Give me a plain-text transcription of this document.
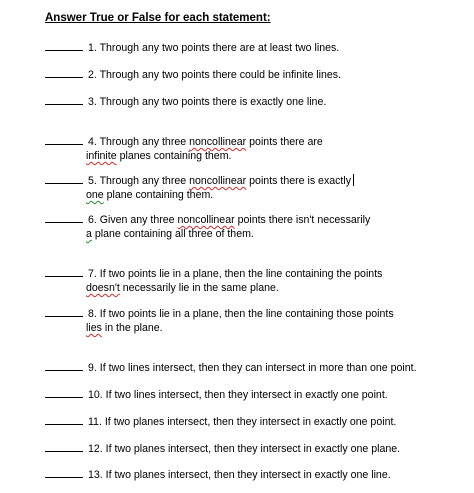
Answer True or False for each statement:
1. Through any two points there are at least two lines.
2. Through any two points there could be infinite lines.
3. Through any two points there is exactly one line.
4. Through any three noncollinear points there are
infinite planes containing them.
5. Through any three noncollinear points there is exactly
one plane containing them.
6. Given any three noncollinear points there isn't necessarily
a plane containing all three of them.
7. If two points lie in a plane, then the line containing the points
doesn't necessarily lie in the same plane.
8. If two points lie in a plane, then the line containing those points
lies in the plane.
9. If two lines intersect, then they can intersect in more than one point.
10. If two lines intersect, then they intersect in exactly one point.
11. If two planes intersect, then they intersect in exactly one point.
12. If two planes intersect, then they intersect in exactly one plane.
13. If two planes intersect, then they intersect in exactly one line.
